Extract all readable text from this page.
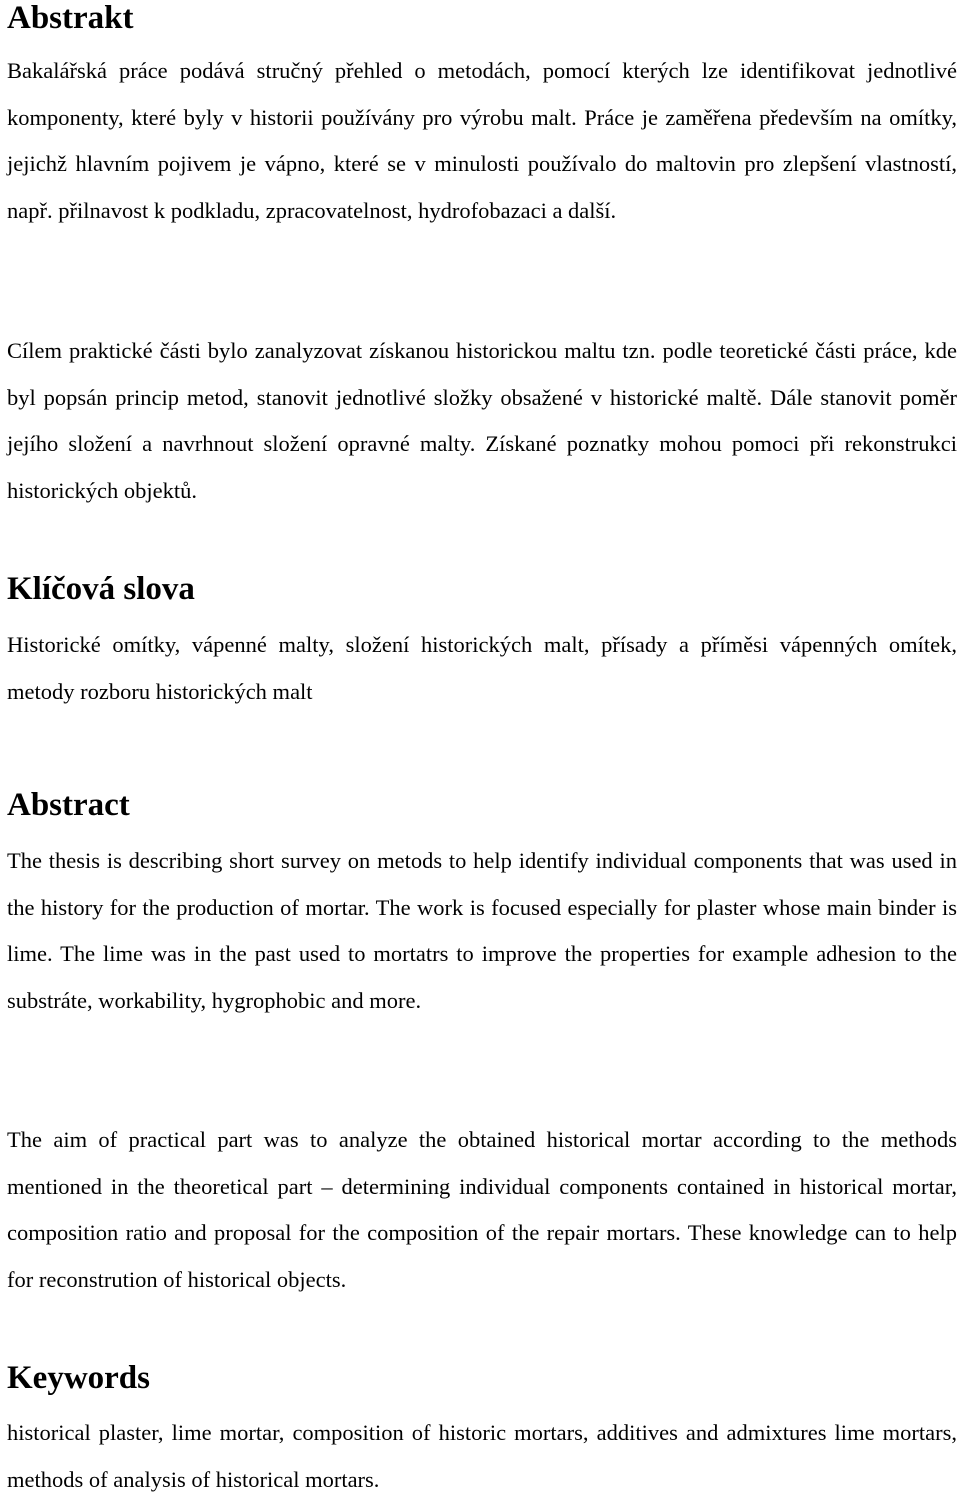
Abstrakt

Bakalářská práce podává stručný přehled o metodách, pomocí kterých lze identifikovat jednotlivé komponenty, které byly v historii používány pro výrobu malt. Práce je zaměřena především na omítky, jejichž hlavním pojivem je vápno, které se v minulosti používalo do maltovin pro zlepšení vlastností, např. přilnavost k podkladu, zpracovatelnost, hydrofobazaci a další.

Cílem praktické části bylo zanalyzovat získanou historickou maltu tzn. podle teoretické části práce, kde byl popsán princip metod, stanovit jednotlivé složky obsažené v historické maltě. Dále stanovit poměr jejího složení a navrhnout složení opravné malty. Získané poznatky mohou pomoci při rekonstrukci historických objektů.

Klíčová slova

Historické omítky, vápenné malty, složení historických malt, přísady a příměsi vápenných omítek, metody rozboru historických malt

Abstract

The thesis is describing short survey on metods to help identify individual components that was used in the history for the production of mortar. The work is focused especially for plaster whose main binder is lime. The lime was in the past used to mortatrs to improve the properties for example adhesion to the substráte, workability, hygrophobic and more.

The aim of practical part was to analyze the obtained historical mortar according to the methods mentioned in the theoretical part – determining individual components contained in historical mortar, composition ratio and proposal for the composition of the repair mortars. These knowledge can to help for reconstrution of historical objects.

Keywords

historical plaster, lime mortar, composition of historic mortars, additives and admixtures lime mortars, methods of analysis of historical mortars.
